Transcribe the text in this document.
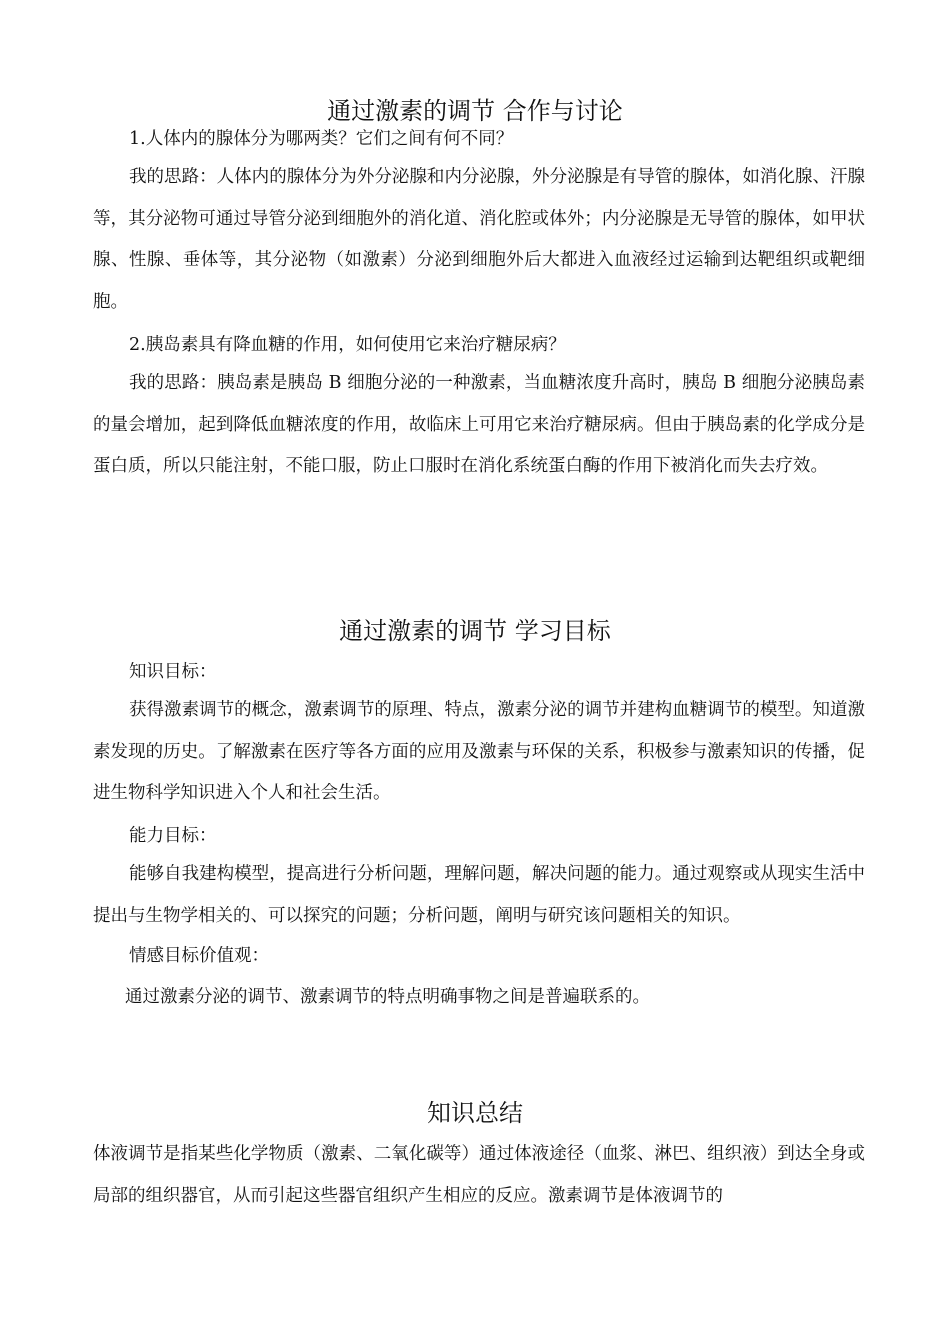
通过激素的调节 合作与讨论

1.人体内的腺体分为哪两类？它们之间有何不同？

我的思路：人体内的腺体分为外分泌腺和内分泌腺，外分泌腺是有导管的腺体，如消化腺、汗腺等，其分泌物可通过导管分泌到细胞外的消化道、消化腔或体外；内分泌腺是无导管的腺体，如甲状腺、性腺、垂体等，其分泌物（如激素）分泌到细胞外后大都进入血液经过运输到达靶组织或靶细胞。

2.胰岛素具有降血糖的作用，如何使用它来治疗糖尿病？

我的思路：胰岛素是胰岛 B 细胞分泌的一种激素，当血糖浓度升高时，胰岛 B 细胞分泌胰岛素的量会增加，起到降低血糖浓度的作用，故临床上可用它来治疗糖尿病。但由于胰岛素的化学成分是蛋白质，所以只能注射，不能口服，防止口服时在消化系统蛋白酶的作用下被消化而失去疗效。

通过激素的调节 学习目标

知识目标：

获得激素调节的概念，激素调节的原理、特点，激素分泌的调节并建构血糖调节的模型。知道激素发现的历史。了解激素在医疗等各方面的应用及激素与环保的关系，积极参与激素知识的传播，促进生物科学知识进入个人和社会生活。

能力目标：

能够自我建构模型，提高进行分析问题，理解问题，解决问题的能力。通过观察或从现实生活中提出与生物学相关的、可以探究的问题；分析问题，阐明与研究该问题相关的知识。

情感目标价值观：

通过激素分泌的调节、激素调节的特点明确事物之间是普遍联系的。

知识总结

体液调节是指某些化学物质（激素、二氧化碳等）通过体液途径（血浆、淋巴、组织液）到达全身或局部的组织器官，从而引起这些器官组织产生相应的反应。激素调节是体液调节的
